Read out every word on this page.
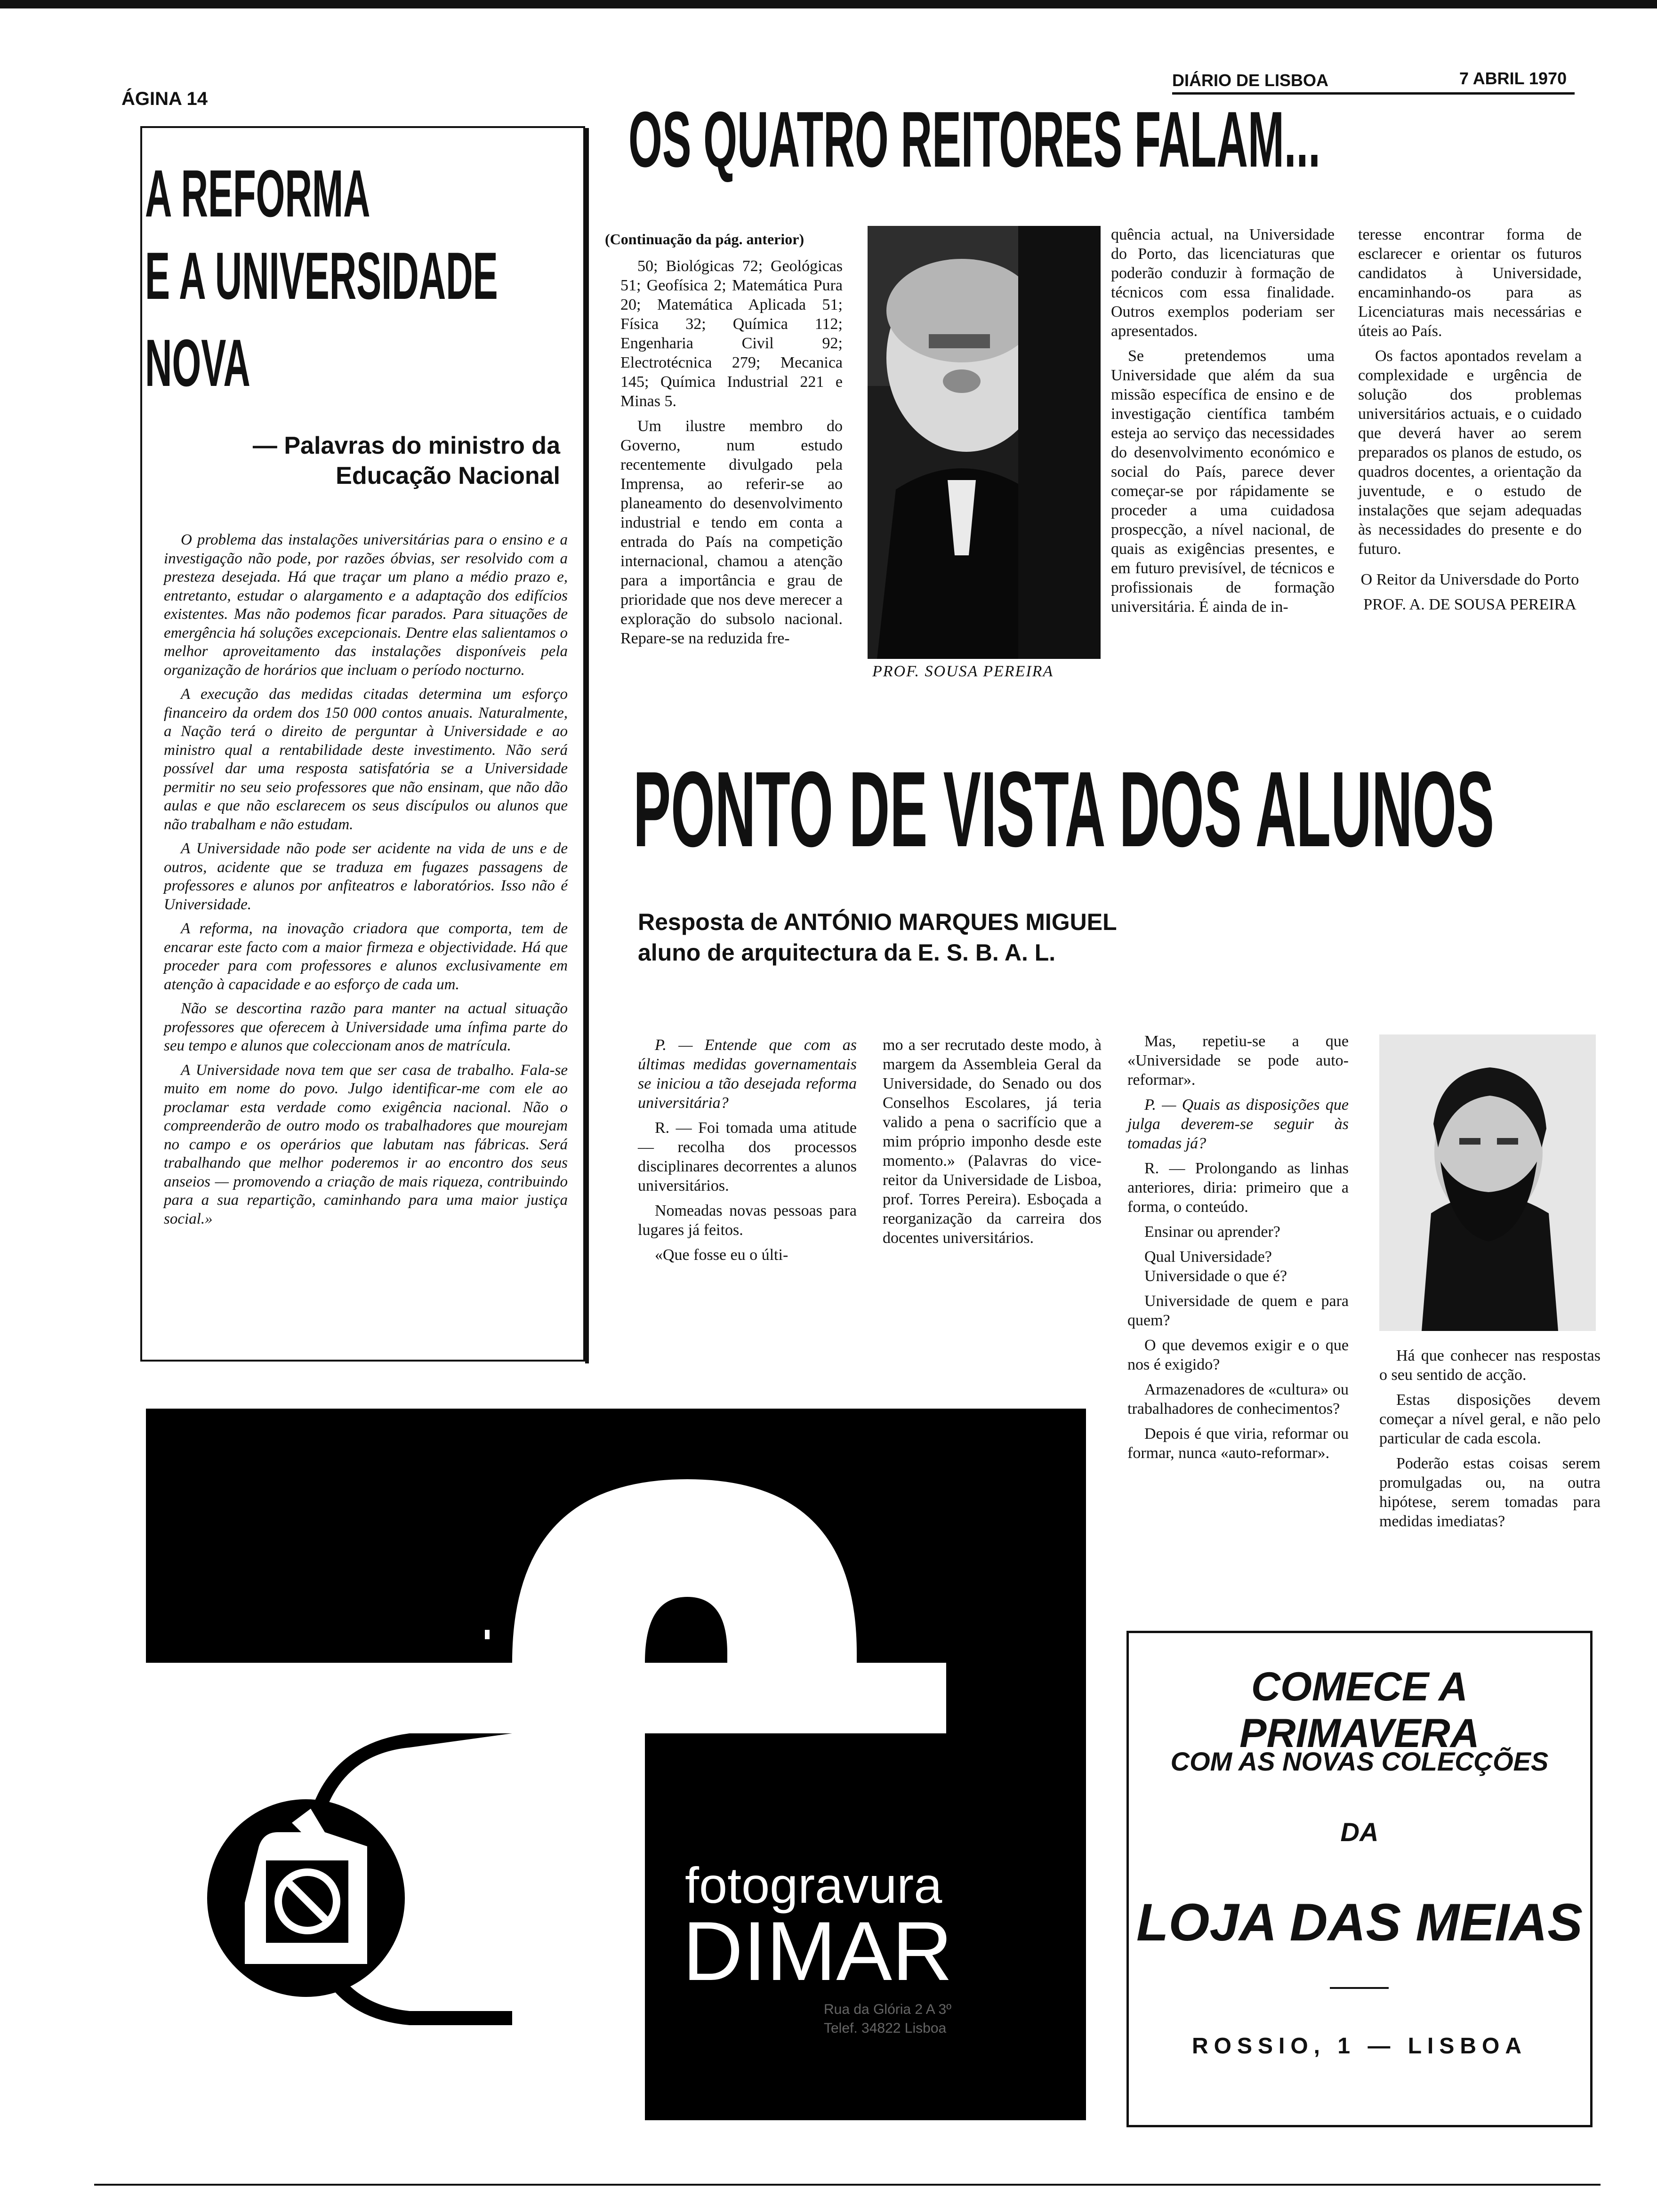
ÁGINA 14
DIÁRIO DE LISBOA	7 ABRIL 1970
A REFORMA
E A UNIVERSIDADE
NOVA
— Palavras do ministro da
Educação Nacional

O problema das instalações universitárias para o ensino e a investigação não pode, por razões óbvias, ser resolvido com a presteza desejada. Há que traçar um plano a médio prazo e, entretanto, estudar o alargamento e a adaptação dos edifícios existentes. Mas não podemos ficar parados. Para situações de emergência há soluções excepcionais. Dentre elas salientamos o melhor aproveitamento das instalações disponíveis pela organização de horários que incluam o período nocturno.

A execução das medidas citadas determina um esforço financeiro da ordem dos 150 000 contos anuais. Naturalmente, a Nação terá o direito de perguntar à Universidade e ao ministro qual a rentabilidade deste investimento. Não será possível dar uma resposta satisfatória se a Universidade permitir no seu seio professores que não ensinam, que não dão aulas e que não esclarecem os seus discípulos ou alunos que não trabalham e não estudam.

A Universidade não pode ser acidente na vida de uns e de outros, acidente que se traduza em fugazes passagens de professores e alunos por anfiteatros e laboratórios. Isso não é Universidade.

A reforma, na inovação criadora que comporta, tem de encarar este facto com a maior firmeza e objectividade. Há que proceder para com professores e alunos exclusivamente em atenção à capacidade e ao esforço de cada um.

Não se descortina razão para manter na actual situação professores que oferecem à Universidade uma ínfima parte do seu tempo e alunos que coleccionam anos de matrícula.

A Universidade nova tem que ser casa de trabalho. Fala-se muito em nome do povo. Julgo identificar-me com ele ao proclamar esta verdade como exigência nacional. Não o compreenderão de outro modo os trabalhadores que mourejam no campo e os operários que labutam nas fábricas. Será trabalhando que melhor poderemos ir ao encontro dos seus anseios — promovendo a criação de mais riqueza, contribuindo para a sua repartição, caminhando para uma maior justiça social.»

OS QUATRO REITORES FALAM...
(Continuação da pág. anterior)

50; Biológicas 72; Geológicas 51; Geofísica 2; Matemática Pura 20; Matemática Aplicada 51; Física 32; Química 112; Engenharia Civil 92; Electrotécnica 279; Mecanica 145; Química Industrial 221 e Minas 5.

Um ilustre membro do Governo, num estudo recentemente divulgado pela Imprensa, ao referir-se ao planeamento do desenvolvimento industrial e tendo em conta a entrada do País na competição internacional, chamou a atenção para a importância e grau de prioridade que nos deve merecer a exploração do subsolo nacional. Repare-se na reduzida fre-

PROF. SOUSA PEREIRA

quência actual, na Universidade do Porto, das licenciaturas que poderão conduzir à formação de técnicos com essa finalidade. Outros exemplos poderiam ser apresentados.

Se pretendemos uma Universidade que além da sua missão específica de ensino e de investigação científica também esteja ao serviço das necessidades do desenvolvimento económico e social do País, parece dever começar-se por rápidamente se proceder a uma cuidadosa prospecção, a nível nacional, de quais as exigências presentes, e em futuro previsível, de técnicos e profissionais de formação universitária. É ainda de in-

teresse encontrar forma de esclarecer e orientar os futuros candidatos à Universidade, encaminhando-os para as Licenciaturas mais necessárias e úteis ao País.

Os factos apontados revelam a complexidade e urgência de solução dos problemas universitários actuais, e o cuidado que deverá haver ao serem preparados os planos de estudo, os quadros docentes, a orientação da juventude, e o estudo de instalações que sejam adequadas às necessidades do presente e do futuro.

O Reitor da Universdade do Porto

PROF. A. DE SOUSA PEREIRA

PONTO DE VISTA DOS ALUNOS
Resposta de ANTÓNIO MARQUES MIGUEL
aluno de arquitectura da E. S. B. A. L.

P. — Entende que com as últimas medidas governamentais se iniciou a tão desejada reforma universitária?

R. — Foi tomada uma atitude — recolha dos processos disciplinares decorrentes a alunos universitários.

Nomeadas novas pessoas para lugares já feitos.

«Que fosse eu o últi-

mo a ser recrutado deste modo, à margem da Assembleia Geral da Universidade, do Senado ou dos Conselhos Escolares, já teria valido a pena o sacrifício que a mim próprio imponho desde este momento.» (Palavras do vice-reitor da Universidade de Lisboa, prof. Torres Pereira). Esboçada a reorganização da carreira dos docentes universitários.

Mas, repetiu-se a que «Universidade se pode auto-reformar».

P. — Quais as disposições que julga deverem-se seguir às tomadas já?

R. — Prolongando as linhas anteriores, diria: primeiro que a forma, o conteúdo.

Ensinar ou aprender?

Qual Universidade?

Universidade o que é?

Universidade de quem e para quem?

O que devemos exigir e o que nos é exigido?

Armazenadores de «cultura» ou trabalhadores de conhecimentos?

Depois é que viria, reformar ou formar, nunca «auto-reformar».

Há que conhecer nas respostas o seu sentido de acção.

Estas disposições devem começar a nível geral, e não pelo particular de cada escola.

Poderão estas coisas serem promulgadas ou, na outra hipótese, serem tomadas para medidas imediatas?

fotogravura
DIMAR
Rua da Glória 2 A 3º
Telef. 34822 Lisboa
COMECE A PRIMAVERA
COM AS NOVAS COLECÇÕES
DA
LOJA DAS MEIAS
ROSSIO, 1 — LISBOA
